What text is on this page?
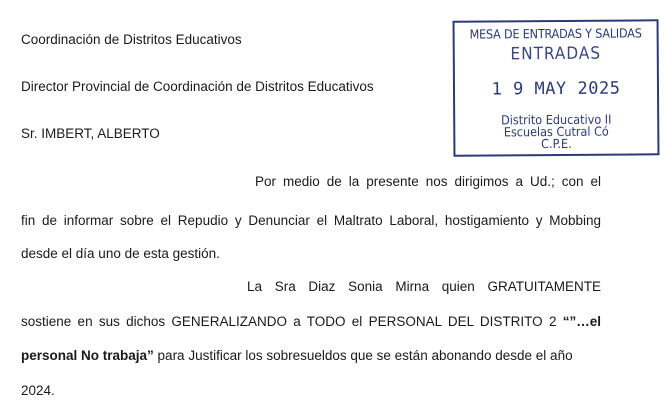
Coordinación de Distritos Educativos
Director Provincial de Coordinación de Distritos Educativos
Sr. IMBERT, ALBERTO
MESA DE ENTRADAS Y SALIDAS
ENTRADAS
1 9 MAY 2025
Distrito Educativo II
Escuelas Cutral Có
C.P.E.
Por medio de la presente nos dirigimos a Ud.; con el
fin de informar sobre el Repudio y Denunciar el Maltrato Laboral, hostigamiento y Mobbing
desde el día uno de esta gestión.
La Sra Diaz Sonia Mirna quien GRATUITAMENTE
sostiene en sus dichos GENERALIZANDO a TODO el PERSONAL DEL DISTRITO 2 “”…el
personal No trabaja” para Justificar los sobresueldos que se están abonando desde el año
2024.
